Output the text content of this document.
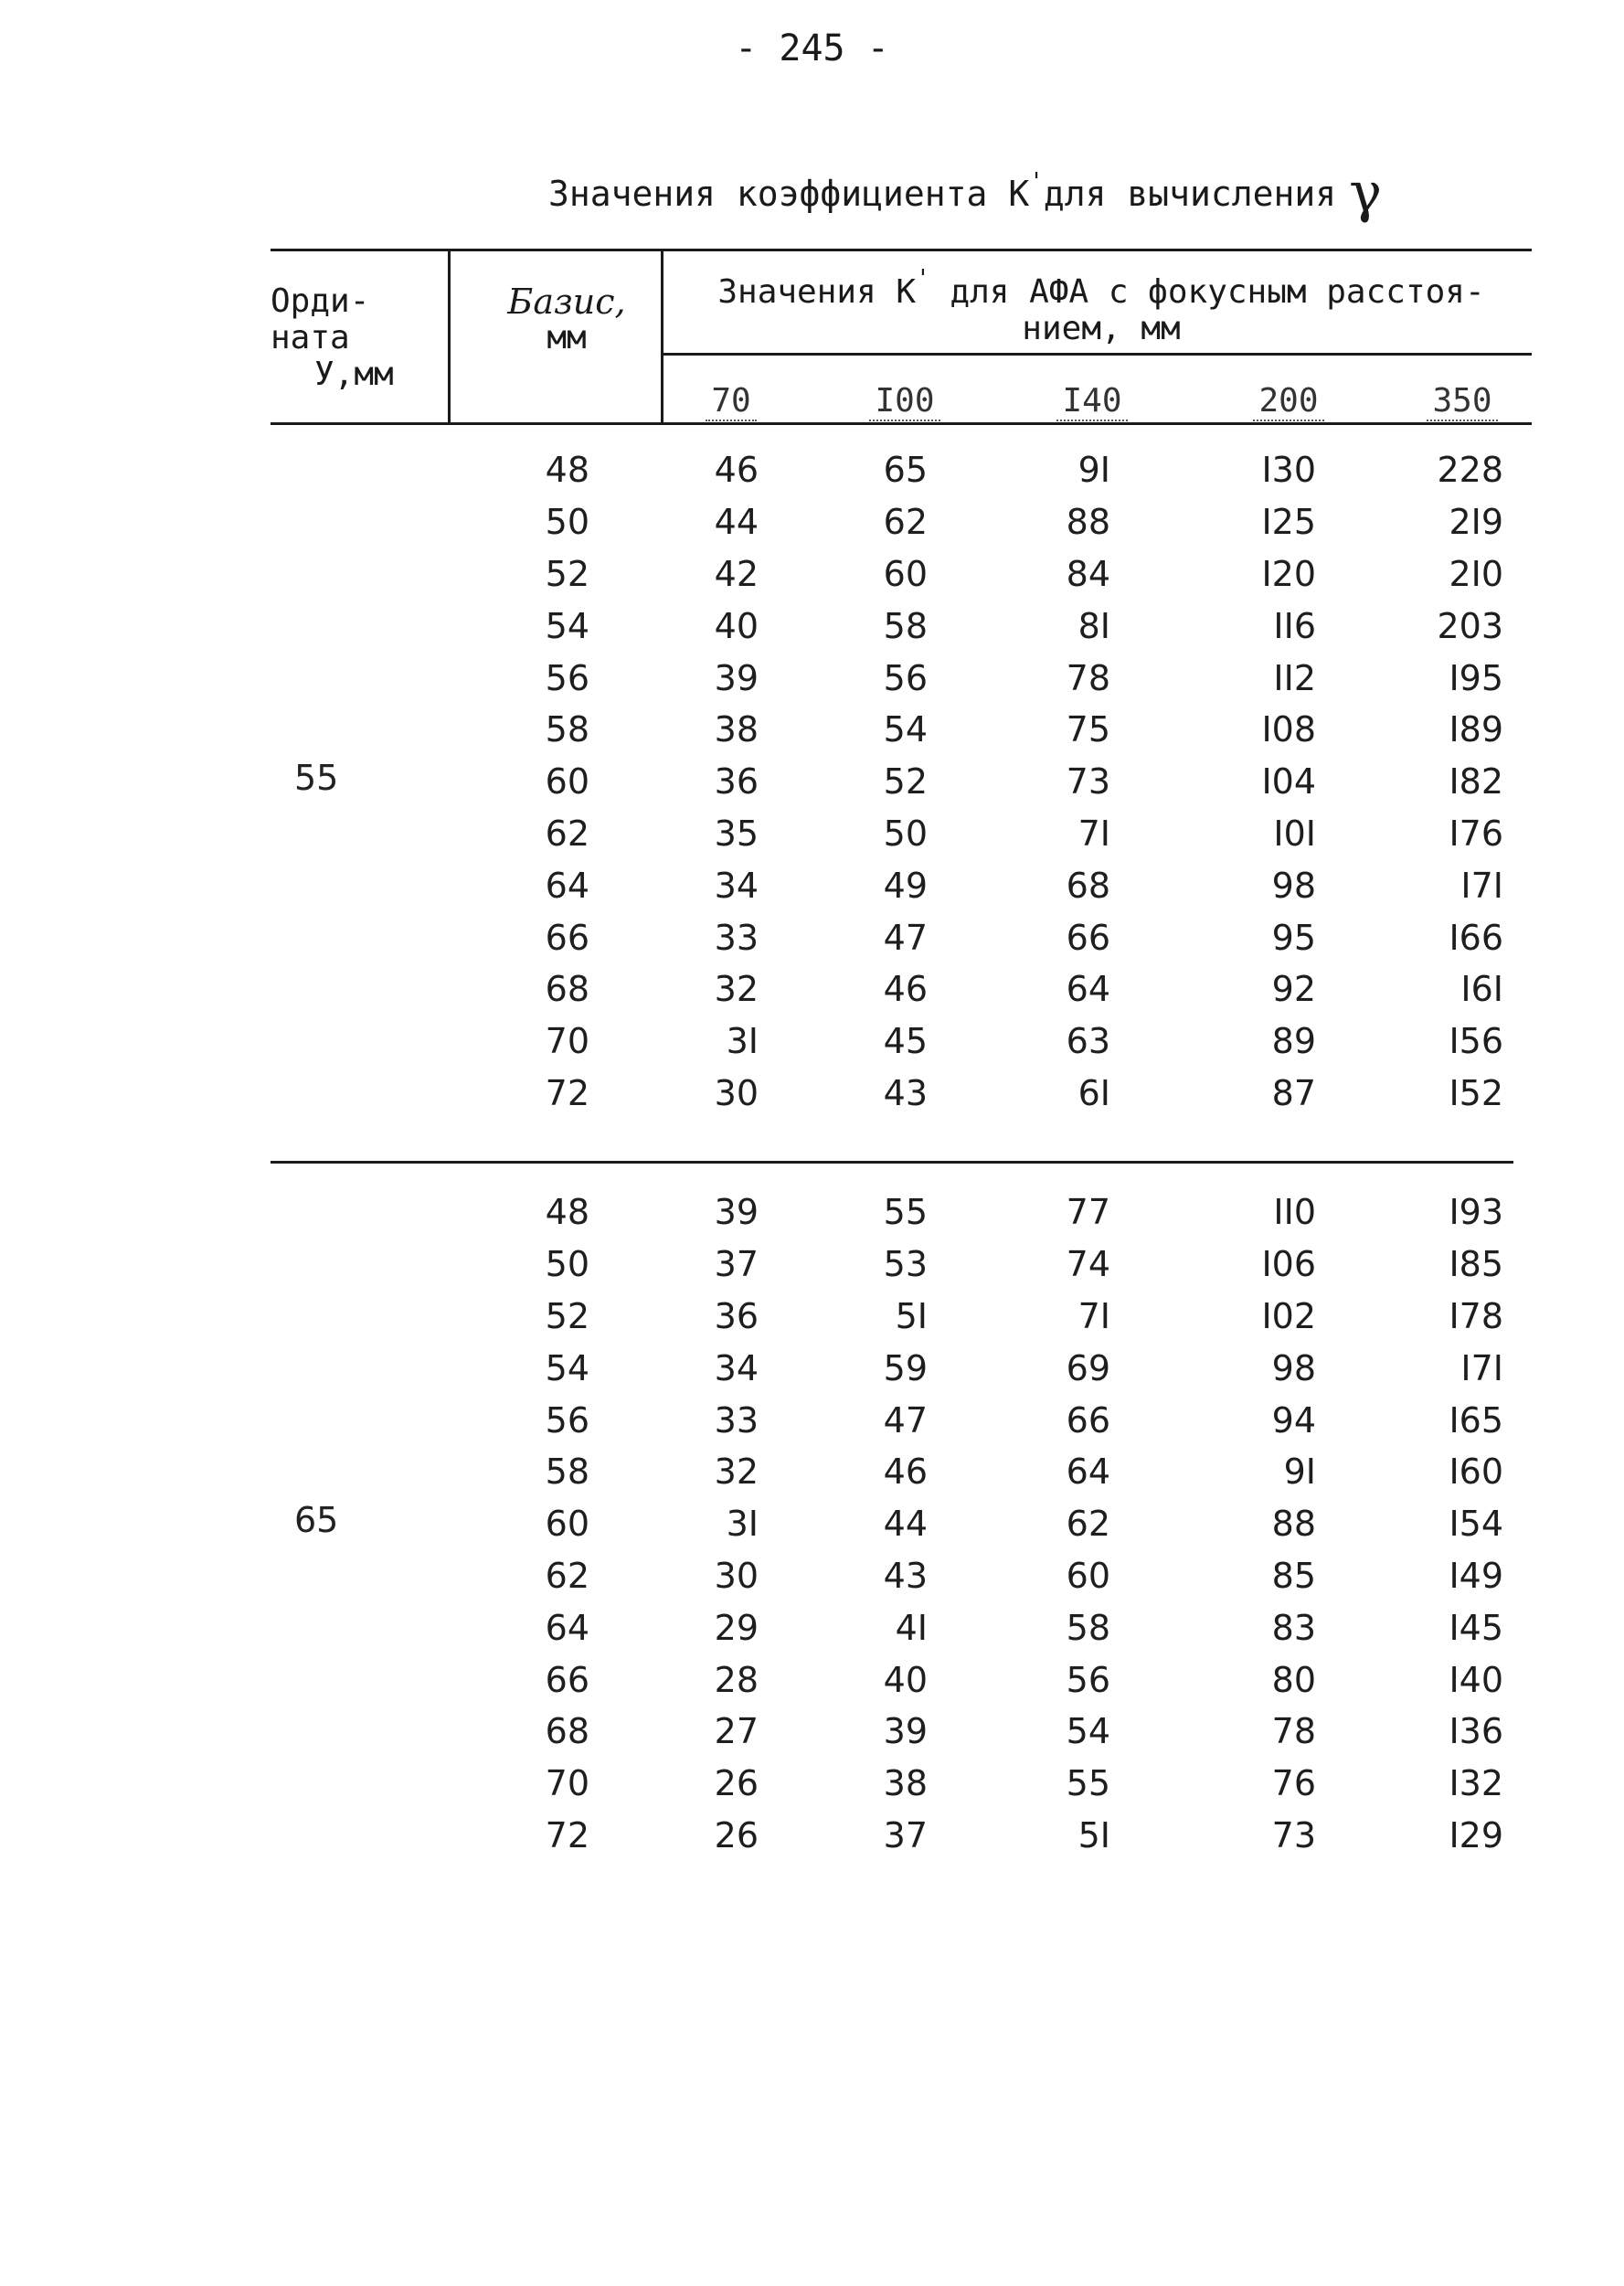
- 245 -
Значения коэффициента К'для вычисления γ
Орди-
ната
У,мм
Базис,
мм
Значения К' для АФА с фокусным расстоя-
нием, мм
70	I00	I40	200	350
55
48	46	65	9I	I30	228
50	44	62	88	I25	2I9
52	42	60	84	I20	2I0
54	40	58	8I	II6	203
56	39	56	78	II2	I95
58	38	54	75	I08	I89
60	36	52	73	I04	I82
62	35	50	7I	I0I	I76
64	34	49	68	98	I7I
66	33	47	66	95	I66
68	32	46	64	92	I6I
70	3I	45	63	89	I56
72	30	43	6I	87	I52
65
48	39	55	77	II0	I93
50	37	53	74	I06	I85
52	36	5I	7I	I02	I78
54	34	59	69	98	I7I
56	33	47	66	94	I65
58	32	46	64	9I	I60
60	3I	44	62	88	I54
62	30	43	60	85	I49
64	29	4I	58	83	I45
66	28	40	56	80	I40
68	27	39	54	78	I36
70	26	38	55	76	I32
72	26	37	5I	73	I29
